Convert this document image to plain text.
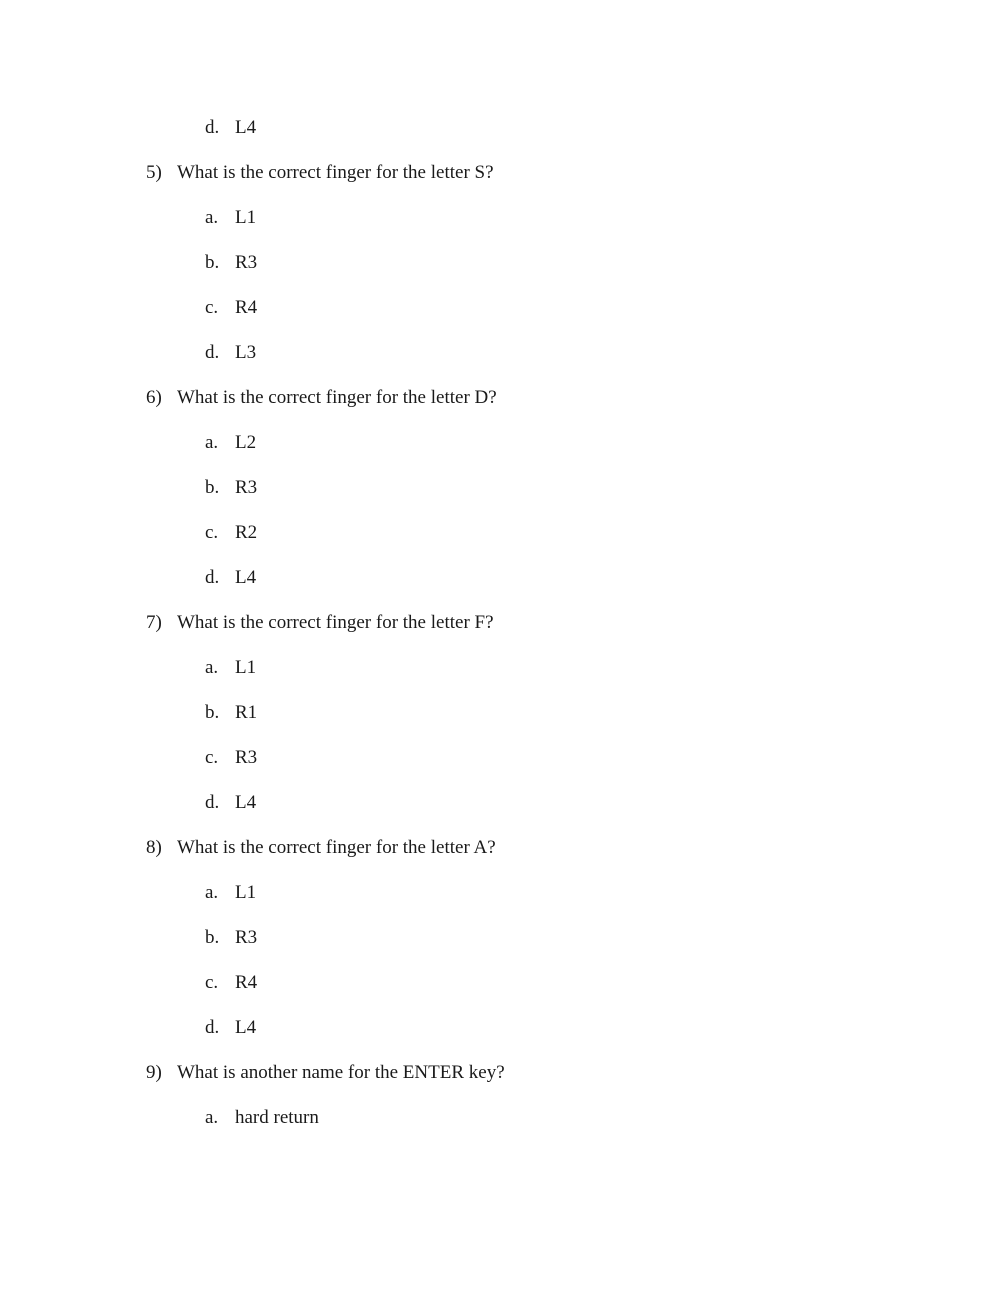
d. L4
5) What is the correct finger for the letter S?
a. L1
b. R3
c. R4
d. L3
6) What is the correct finger for the letter D?
a. L2
b. R3
c. R2
d. L4
7) What is the correct finger for the letter F?
a. L1
b. R1
c. R3
d. L4
8) What is the correct finger for the letter A?
a. L1
b. R3
c. R4
d. L4
9) What is another name for the ENTER key?
a. hard return
